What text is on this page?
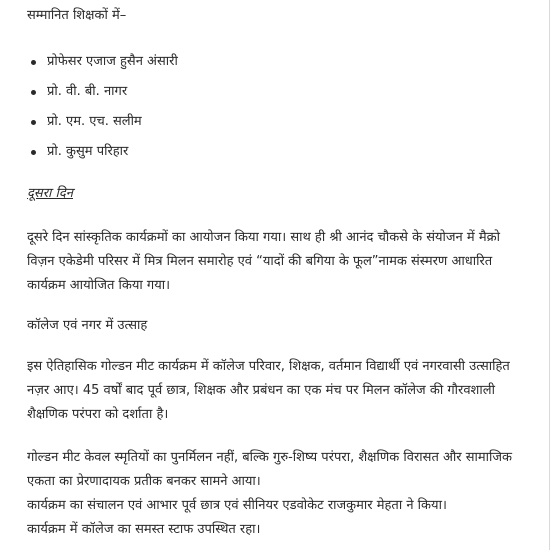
सम्मानित शिक्षकों में–

प्रोफेसर एजाज हुसैन अंसारी
प्रो. वी. बी. नागर
प्रो. एम. एच. सलीम
प्रो. कुसुम परिहार

दूसरा दिन

दूसरे दिन सांस्कृतिक कार्यक्रमों का आयोजन किया गया। साथ ही श्री आनंद चौकसे के संयोजन में मैक्रो विज़न एकेडेमी परिसर में मित्र मिलन समारोह एवं “यादों की बगिया के फूल”नामक संस्मरण आधारित कार्यक्रम आयोजित किया गया।

कॉलेज एवं नगर में उत्साह

इस ऐतिहासिक गोल्डन मीट कार्यक्रम में कॉलेज परिवार, शिक्षक, वर्तमान विद्यार्थी एवं नगरवासी उत्साहित नज़र आए। 45 वर्षों बाद पूर्व छात्र, शिक्षक और प्रबंधन का एक मंच पर मिलन कॉलेज की गौरवशाली शैक्षणिक परंपरा को दर्शाता है।

गोल्डन मीट केवल स्मृतियों का पुनर्मिलन नहीं, बल्कि गुरु-शिष्य परंपरा, शैक्षणिक विरासत और सामाजिक एकता का प्रेरणादायक प्रतीक बनकर सामने आया।

कार्यक्रम का संचालन एवं आभार पूर्व छात्र एवं सीनियर एडवोकेट राजकुमार मेहता ने किया।

कार्यक्रम में कॉलेज का समस्त स्टाफ उपस्थित रहा।
